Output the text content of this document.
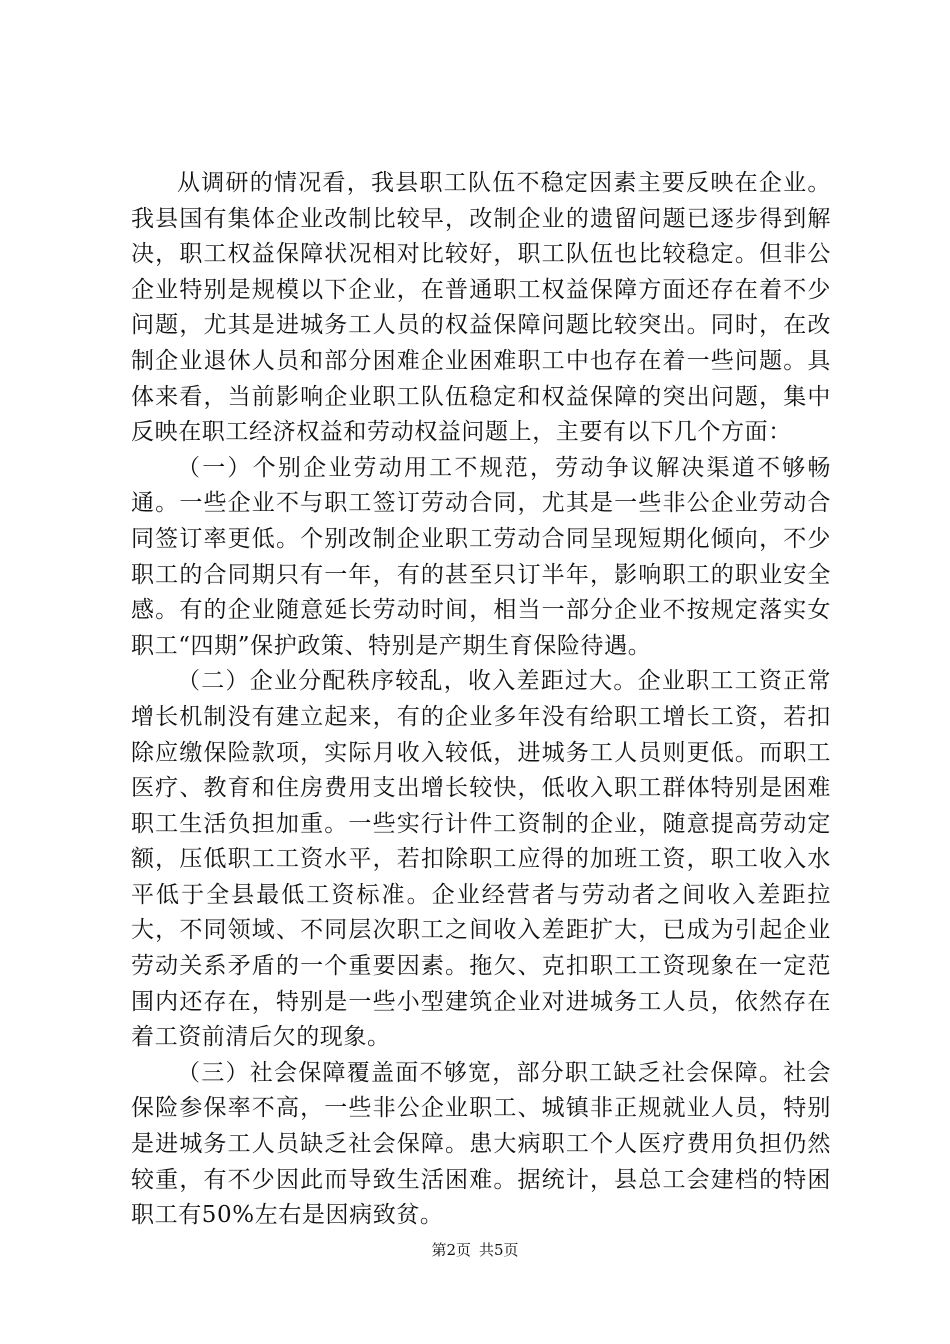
从调研的情况看，我县职工队伍不稳定因素主要反映在企业。我县国有集体企业改制比较早，改制企业的遗留问题已逐步得到解决，职工权益保障状况相对比较好，职工队伍也比较稳定。但非公企业特别是规模以下企业，在普通职工权益保障方面还存在着不少问题，尤其是进城务工人员的权益保障问题比较突出。同时，在改制企业退休人员和部分困难企业困难职工中也存在着一些问题。具体来看，当前影响企业职工队伍稳定和权益保障的突出问题，集中反映在职工经济权益和劳动权益问题上，主要有以下几个方面：

（一）个别企业劳动用工不规范，劳动争议解决渠道不够畅通。一些企业不与职工签订劳动合同，尤其是一些非公企业劳动合同签订率更低。个别改制企业职工劳动合同呈现短期化倾向，不少职工的合同期只有一年，有的甚至只订半年，影响职工的职业安全感。有的企业随意延长劳动时间，相当一部分企业不按规定落实女职工“四期”保护政策、特别是产期生育保险待遇。

（二）企业分配秩序较乱，收入差距过大。企业职工工资正常增长机制没有建立起来，有的企业多年没有给职工增长工资，若扣除应缴保险款项，实际月收入较低，进城务工人员则更低。而职工医疗、教育和住房费用支出增长较快，低收入职工群体特别是困难职工生活负担加重。一些实行计件工资制的企业，随意提高劳动定额，压低职工工资水平，若扣除职工应得的加班工资，职工收入水平低于全县最低工资标准。企业经营者与劳动者之间收入差距拉大，不同领域、不同层次职工之间收入差距扩大，已成为引起企业劳动关系矛盾的一个重要因素。拖欠、克扣职工工资现象在一定范围内还存在，特别是一些小型建筑企业对进城务工人员，依然存在着工资前清后欠的现象。

（三）社会保障覆盖面不够宽，部分职工缺乏社会保障。社会保险参保率不高，一些非公企业职工、城镇非正规就业人员，特别是进城务工人员缺乏社会保障。患大病职工个人医疗费用负担仍然较重，有不少因此而导致生活困难。据统计，县总工会建档的特困职工有50%左右是因病致贫。

第2页 共5页
